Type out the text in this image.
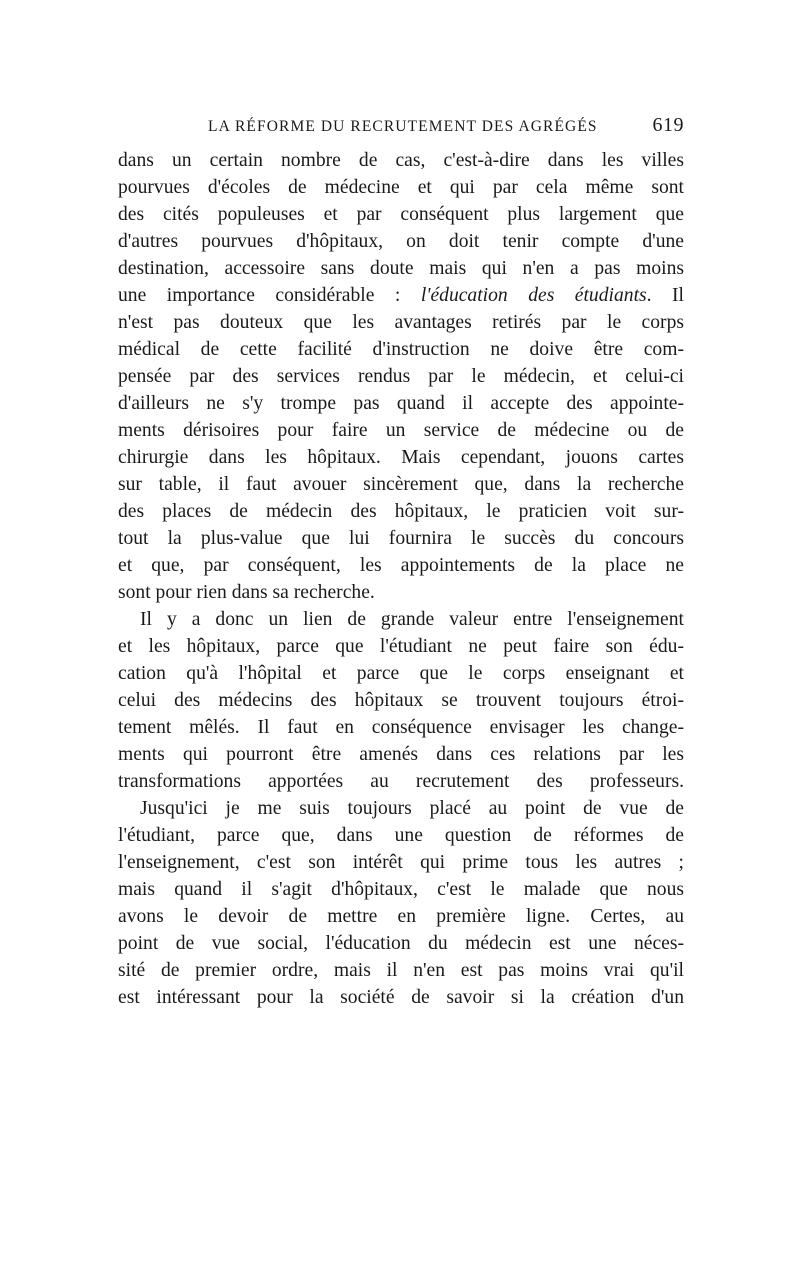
LA RÉFORME DU RECRUTEMENT DES AGRÉGÉS	619
dans un certain nombre de cas, c'est-à-dire dans les villes
pourvues d'écoles de médecine et qui par cela même sont
des cités populeuses et par conséquent plus largement que
d'autres pourvues d'hôpitaux, on doit tenir compte d'une
destination, accessoire sans doute mais qui n'en a pas moins
une importance considérable : l'éducation des étudiants. Il
n'est pas douteux que les avantages retirés par le corps
médical de cette facilité d'instruction ne doive être com-
pensée par des services rendus par le médecin, et celui-ci
d'ailleurs ne s'y trompe pas quand il accepte des appointe-
ments dérisoires pour faire un service de médecine ou de
chirurgie dans les hôpitaux. Mais cependant, jouons cartes
sur table, il faut avouer sincèrement que, dans la recherche
des places de médecin des hôpitaux, le praticien voit sur-
tout la plus-value que lui fournira le succès du concours
et que, par conséquent, les appointements de la place ne
sont pour rien dans sa recherche.
Il y a donc un lien de grande valeur entre l'enseignement
et les hôpitaux, parce que l'étudiant ne peut faire son édu-
cation qu'à l'hôpital et parce que le corps enseignant et
celui des médecins des hôpitaux se trouvent toujours étroi-
tement mêlés. Il faut en conséquence envisager les change-
ments qui pourront être amenés dans ces relations par les
transformations apportées au recrutement des professeurs.
Jusqu'ici je me suis toujours placé au point de vue de
l'étudiant, parce que, dans une question de réformes de
l'enseignement, c'est son intérêt qui prime tous les autres ;
mais quand il s'agit d'hôpitaux, c'est le malade que nous
avons le devoir de mettre en première ligne. Certes, au
point de vue social, l'éducation du médecin est une néces-
sité de premier ordre, mais il n'en est pas moins vrai qu'il
est intéressant pour la société de savoir si la création d'un
